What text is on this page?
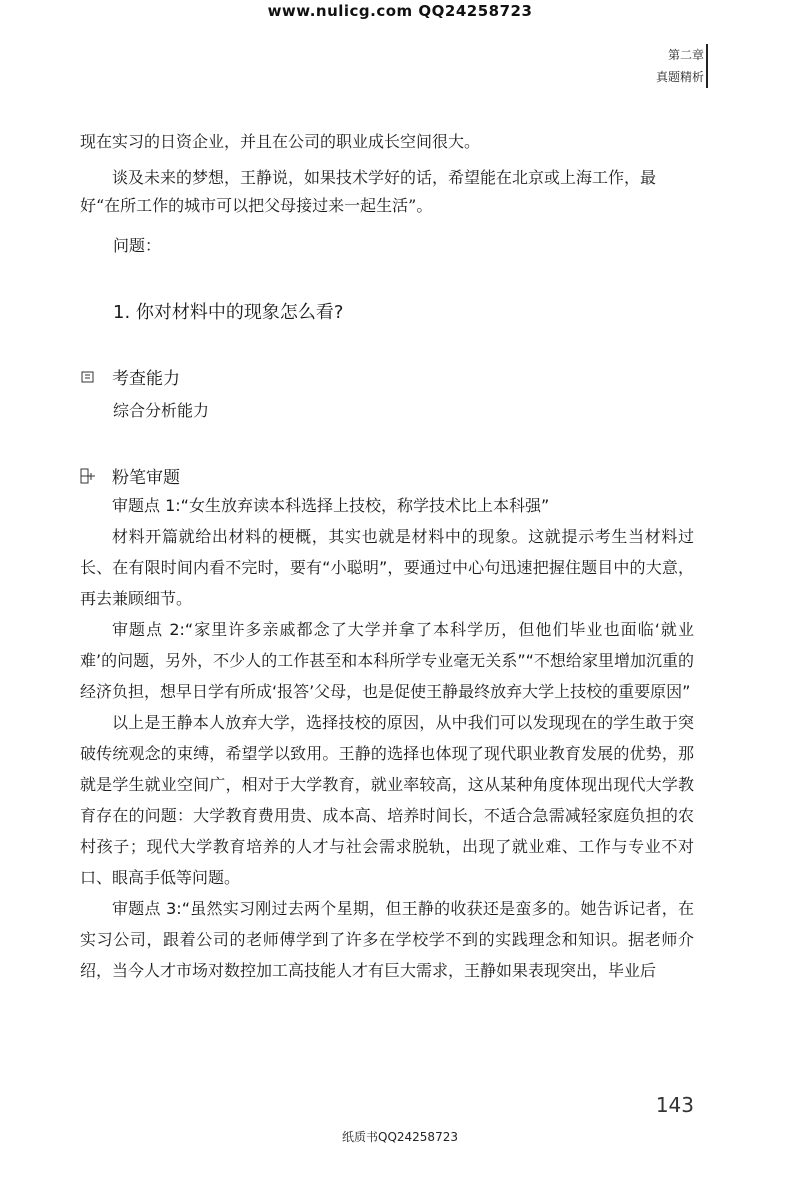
www.nulicg.com QQ24258723
第二章
真题精析

现在实习的日资企业，并且在公司的职业成长空间很大。

谈及未来的梦想，王静说，如果技术学好的话，希望能在北京或上海工作，最好“在所工作的城市可以把父母接过来一起生活”。

问题：
1. 你对材料中的现象怎么看?
考查能力
综合分析能力
粉笔审题

审题点 1:“女生放弃读本科选择上技校，称学技术比上本科强”

材料开篇就给出材料的梗概，其实也就是材料中的现象。这就提示考生当材料过长、在有限时间内看不完时，要有“小聪明”，要通过中心句迅速把握住题目中的大意，再去兼顾细节。

审题点 2:“家里许多亲戚都念了大学并拿了本科学历，但他们毕业也面临‘就业难’的问题，另外，不少人的工作甚至和本科所学专业毫无关系”“不想给家里增加沉重的经济负担，想早日学有所成‘报答’父母，也是促使王静最终放弃大学上技校的重要原因”

以上是王静本人放弃大学，选择技校的原因，从中我们可以发现现在的学生敢于突破传统观念的束缚，希望学以致用。王静的选择也体现了现代职业教育发展的优势，那就是学生就业空间广，相对于大学教育，就业率较高，这从某种角度体现出现代大学教育存在的问题：大学教育费用贵、成本高、培养时间长，不适合急需减轻家庭负担的农村孩子；现代大学教育培养的人才与社会需求脱轨，出现了就业难、工作与专业不对口、眼高手低等问题。

审题点 3:“虽然实习刚过去两个星期，但王静的收获还是蛮多的。她告诉记者，在实习公司，跟着公司的老师傅学到了许多在学校学不到的实践理念和知识。据老师介绍，当今人才市场对数控加工高技能人才有巨大需求，王静如果表现突出，毕业后

143
纸质书QQ24258723
